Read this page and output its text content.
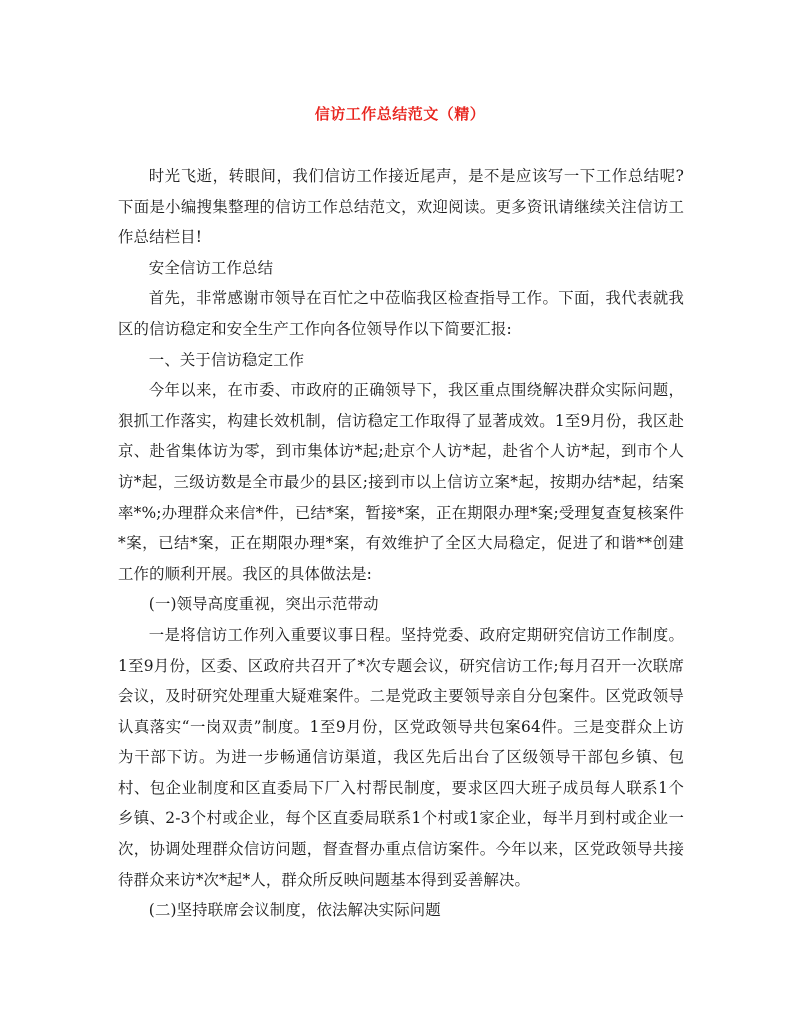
信访工作总结范文（精）

时光飞逝，转眼间，我们信访工作接近尾声，是不是应该写一下工作总结呢?下面是小编搜集整理的信访工作总结范文，欢迎阅读。更多资讯请继续关注信访工作总结栏目!

安全信访工作总结

首先，非常感谢市领导在百忙之中莅临我区检查指导工作。下面，我代表就我区的信访稳定和安全生产工作向各位领导作以下简要汇报:

一、关于信访稳定工作

今年以来，在市委、市政府的正确领导下，我区重点围绕解决群众实际问题，狠抓工作落实，构建长效机制，信访稳定工作取得了显著成效。1至9月份，我区赴京、赴省集体访为零，到市集体访*起;赴京个人访*起，赴省个人访*起，到市个人访*起，三级访数是全市最少的县区;接到市以上信访立案*起，按期办结*起，结案率*%;办理群众来信*件，已结*案，暂接*案，正在期限办理*案;受理复查复核案件*案，已结*案，正在期限办理*案，有效维护了全区大局稳定，促进了和谐**创建工作的顺利开展。我区的具体做法是:

(一)领导高度重视，突出示范带动

一是将信访工作列入重要议事日程。坚持党委、政府定期研究信访工作制度。1至9月份，区委、区政府共召开了*次专题会议，研究信访工作;每月召开一次联席会议，及时研究处理重大疑难案件。二是党政主要领导亲自分包案件。区党政领导认真落实“一岗双责”制度。1至9月份，区党政领导共包案64件。三是变群众上访为干部下访。为进一步畅通信访渠道，我区先后出台了区级领导干部包乡镇、包村、包企业制度和区直委局下厂入村帮民制度，要求区四大班子成员每人联系1个乡镇、2-3个村或企业，每个区直委局联系1个村或1家企业，每半月到村或企业一次，协调处理群众信访问题，督查督办重点信访案件。今年以来，区党政领导共接待群众来访*次*起*人，群众所反映问题基本得到妥善解决。

(二)坚持联席会议制度，依法解决实际问题
